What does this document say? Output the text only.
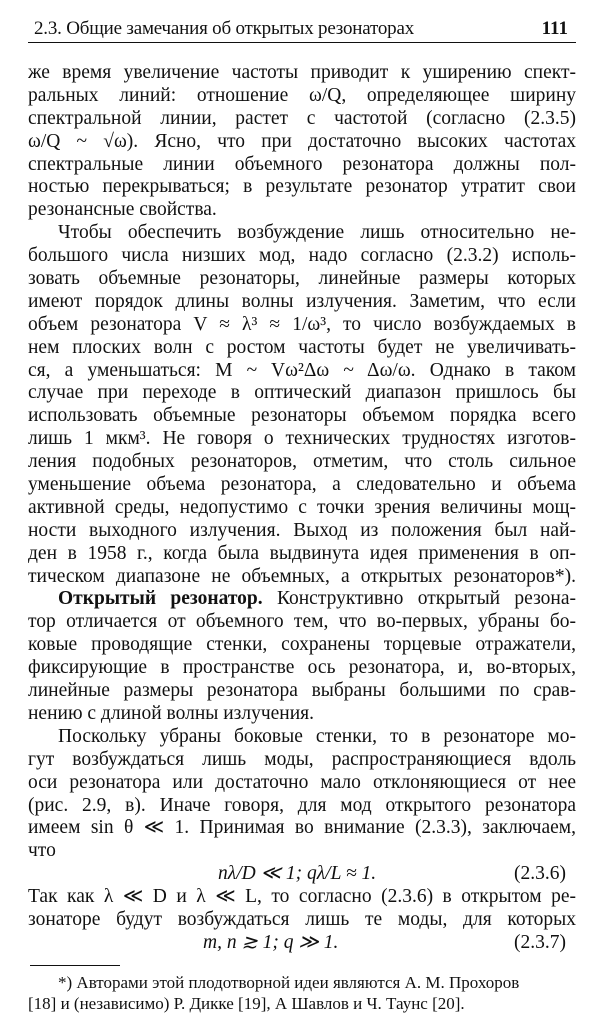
2.3. Общие замечания об открытых резонаторах	111
же время увеличение частоты приводит к уширению спект-
ральных линий: отношение ω/Q, определяющее ширину
спектральной линии, растет с частотой (согласно (2.3.5)
ω/Q ~ √ω). Ясно, что при достаточно высоких частотах
спектральные линии объемного резонатора должны пол-
ностью перекрываться; в результате резонатор утратит свои
резонансные свойства.
Чтобы обеспечить возбуждение лишь относительно не-
большого числа низших мод, надо согласно (2.3.2) исполь-
зовать объемные резонаторы, линейные размеры которых
имеют порядок длины волны излучения. Заметим, что если
объем резонатора V ≈ λ³ ≈ 1/ω³, то число возбуждаемых в
нем плоских волн с ростом частоты будет не увеличивать-
ся, а уменьшаться: M ~ Vω²Δω ~ Δω/ω. Однако в таком
случае при переходе в оптический диапазон пришлось бы
использовать объемные резонаторы объемом порядка всего
лишь 1 мкм³. Не говоря о технических трудностях изготов-
ления подобных резонаторов, отметим, что столь сильное
уменьшение объема резонатора, а следовательно и объема
активной среды, недопустимо с точки зрения величины мощ-
ности выходного излучения. Выход из положения был най-
ден в 1958 г., когда была выдвинута идея применения в оп-
тическом диапазоне не объемных, а открытых резонаторов*).
Открытый резонатор. Конструктивно открытый резона-
тор отличается от объемного тем, что во-первых, убраны бо-
ковые проводящие стенки, сохранены торцевые отражатели,
фиксирующие в пространстве ось резонатора, и, во-вторых,
линейные размеры резонатора выбраны большими по срав-
нению с длиной волны излучения.
Поскольку убраны боковые стенки, то в резонаторе мо-
гут возбуждаться лишь моды, распространяющиеся вдоль
оси резонатора или достаточно мало отклоняющиеся от нее
(рис. 2.9, в). Иначе говоря, для мод открытого резонатора
имеем sin θ ≪ 1. Принимая во внимание (2.3.3), заключаем,
что
nλ/D ≪ 1; qλ/L ≈ 1.	(2.3.6)
Так как λ ≪ D и λ ≪ L, то согласно (2.3.6) в открытом ре-
зонаторе будут возбуждаться лишь те моды, для которых
m, n ≳ 1; q ≫ 1.	(2.3.7)
*) Авторами этой плодотворной идеи являются А. М. Прохоров
[18] и (независимо) Р. Дикке [19], А Шавлов и Ч. Таунс [20].
